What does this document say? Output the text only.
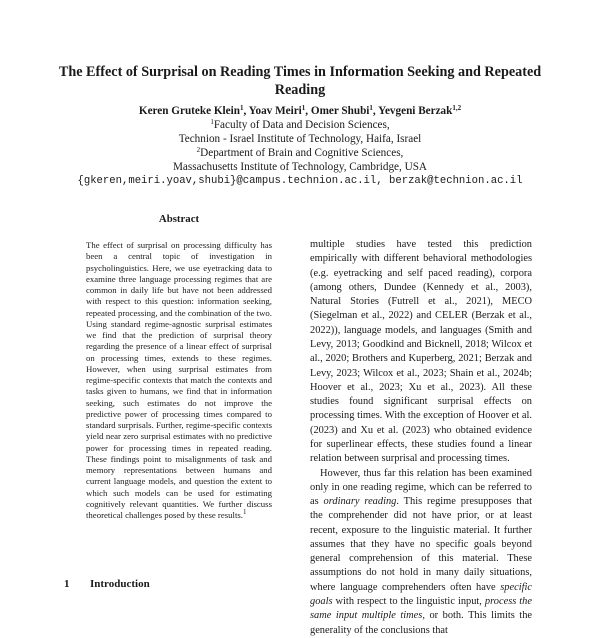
The Effect of Surprisal on Reading Times in Information Seeking and Repeated Reading
Keren Gruteke Klein$^1$, Yoav Meiri$^1$, Omer Shubi$^1$, Yevgeni Berzak$^{1,2}$
$^1$Faculty of Data and Decision Sciences,
Technion - Israel Institute of Technology, Haifa, Israel
$^2$Department of Brain and Cognitive Sciences,
Massachusetts Institute of Technology, Cambridge, USA
{gkeren,meiri.yoav,shubi}@campus.technion.ac.il, berzak@technion.ac.il
Abstract

The effect of surprisal on processing difficulty has been a central topic of investigation in psycholinguistics. Here, we use eyetracking data to examine three language processing regimes that are common in daily life but have not been addressed with respect to this question: information seeking, repeated processing, and the combination of the two. Using standard regime-agnostic surprisal estimates we find that the prediction of surprisal theory regarding the presence of a linear effect of surprisal on processing times, extends to these regimes. However, when using surprisal estimates from regime-specific contexts that match the contexts and tasks given to humans, we find that in information seeking, such estimates do not improve the predictive power of processing times compared to standard surprisals. Further, regime-specific contexts yield near zero surprisal estimates with no predictive power for processing times in repeated reading. These findings point to misalignments of task and memory representations between humans and current language models, and question the extent to which such models can be used for estimating cognitively relevant quantities. We further discuss theoretical challenges posed by these results.$^1$

multiple studies have tested this prediction empirically with different behavioral methodologies (e.g. eyetracking and self paced reading), corpora (among others, Dundee (Kennedy et al., 2003), Natural Stories (Futrell et al., 2021), MECO (Siegelman et al., 2022) and CELER (Berzak et al., 2022)), language models, and languages (Smith and Levy, 2013; Goodkind and Bicknell, 2018; Wilcox et al., 2020; Brothers and Kuperberg, 2021; Berzak and Levy, 2023; Wilcox et al., 2023; Shain et al., 2024b; Hoover et al., 2023; Xu et al., 2023). All these studies found significant surprisal effects on processing times. With the exception of Hoover et al. (2023) and Xu et al. (2023) who obtained evidence for superlinear effects, these studies found a linear relation between surprisal and processing times.

However, thus far this relation has been examined only in one reading regime, which can be referred to as ordinary reading. This regime presupposes that the comprehender did not have prior, or at least recent, exposure to the linguistic material. It further assumes that they have no specific goals beyond general comprehension of this material. These assumptions do not hold in many daily situations, where language comprehenders often have specific goals with respect to the linguistic input, process the same input multiple times, or both. This limits the generality of the conclusions that

1 Introduction
